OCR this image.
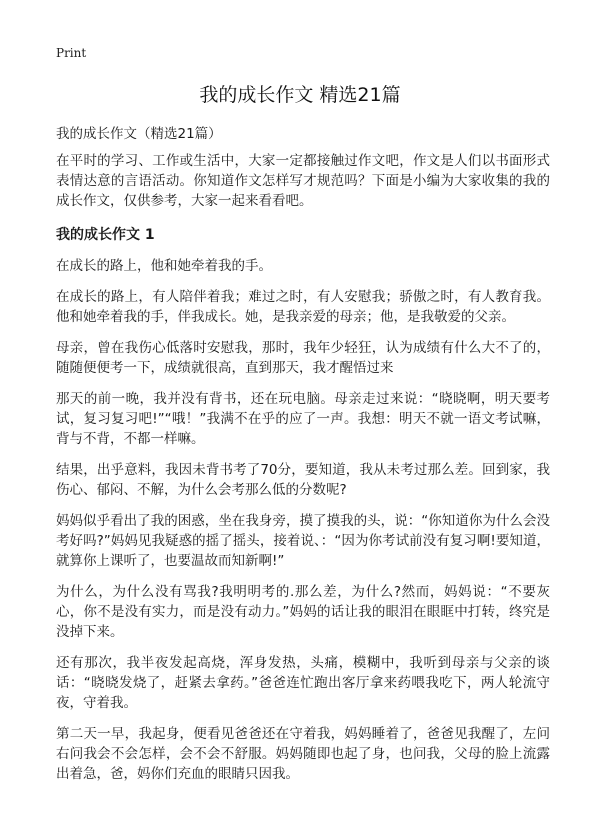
Print
我的成长作文 精选21篇
我的成长作文（精选21篇）

在平时的学习、工作或生活中，大家一定都接触过作文吧，作文是人们以书面形式表情达意的言语活动。你知道作文怎样写才规范吗？下面是小编为大家收集的我的成长作文，仅供参考，大家一起来看看吧。

我的成长作文 1

在成长的路上，他和她牵着我的手。

在成长的路上，有人陪伴着我；难过之时，有人安慰我；骄傲之时，有人教育我。他和她牵着我的手，伴我成长。她，是我亲爱的母亲；他，是我敬爱的父亲。

母亲，曾在我伤心低落时安慰我，那时，我年少轻狂，认为成绩有什么大不了的，随随便便考一下，成绩就很高，直到那天，我才醒悟过来

那天的前一晚，我并没有背书，还在玩电脑。母亲走过来说：“晓晓啊，明天要考试，复习复习吧!”“哦！”我满不在乎的应了一声。我想：明天不就一语文考试嘛，背与不背，不都一样嘛。

结果，出乎意料，我因未背书考了70分，要知道，我从未考过那么差。回到家，我伤心、郁闷、不解，为什么会考那么低的分数呢?

妈妈似乎看出了我的困惑，坐在我身旁，摸了摸我的头，说：“你知道你为什么会没考好吗?”妈妈见我疑惑的摇了摇头，接着说、：“因为你考试前没有复习啊!要知道，就算你上课听了，也要温故而知新啊!”

为什么，为什么没有骂我?我明明考的.那么差，为什么?然而，妈妈说：“不要灰心，你不是没有实力，而是没有动力。”妈妈的话让我的眼泪在眼眶中打转，终究是没掉下来。

还有那次，我半夜发起高烧，浑身发热，头痛，模糊中，我听到母亲与父亲的谈话：“晓晓发烧了，赶紧去拿药。”爸爸连忙跑出客厅拿来药喂我吃下，两人轮流守夜，守着我。

第二天一早，我起身，便看见爸爸还在守着我，妈妈睡着了，爸爸见我醒了，左问右问我会不会怎样，会不会不舒服。妈妈随即也起了身，也问我，父母的脸上流露出着急，爸，妈你们充血的眼睛只因我。
